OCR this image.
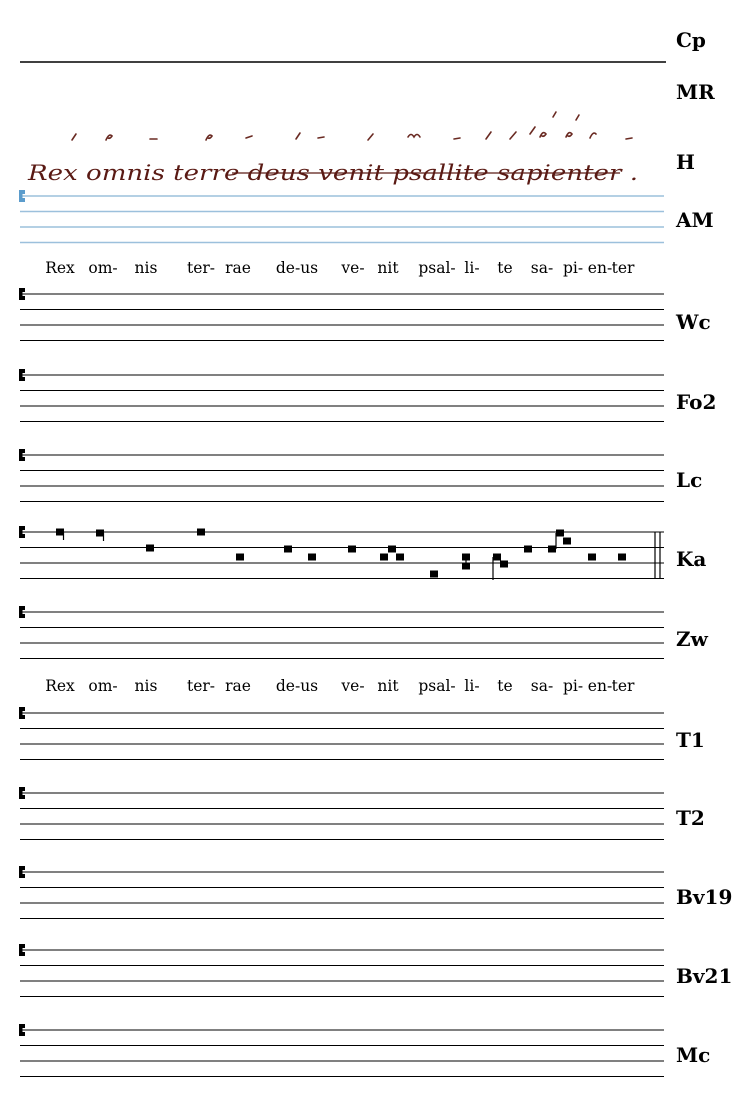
Rex omnis terre deus venit psallite sapienter .
Cp
MR
H
AM
Wc
Fo2
Lc
Ka
Zw
T1
T2
Bv19
Bv21
Mc
Rex om- nis ter- rae de-us ve- nit psal- li- te sa- pi- en- ter
Rex om- nis ter- rae de-us ve- nit psal- li- te sa- pi- en- ter
